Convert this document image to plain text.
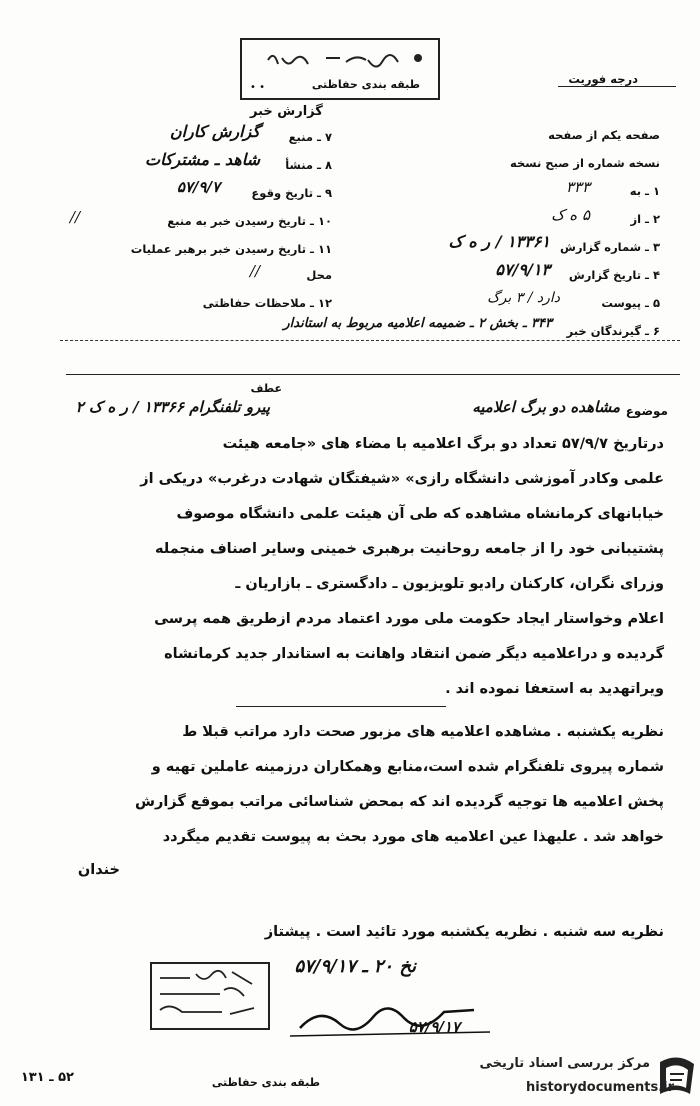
طبقه بندی حفاظتی
• •
درجه فوریت
گزارش خبر
صفحه یکم از صفحه
نسخه شماره از صبح نسخه
۱ ـ به
۳۳۳
۲ ـ از
۵ ه ک
۳ ـ شماره گزارش
۱۳۳۶۱ / ر ه ک
۴ ـ تاریخ گزارش
۵۷/۹/۱۳
۵ ـ پیوست
دارد / ۳ برگ
۶ ـ گیرندگان خبر
۳۴۳ ـ بخش ۲ ـ ضمیمه اعلامیه مربوط به استاندار
۷ ـ منبع
گزارش کاران
۸ ـ منشأ
شاهد ـ مشترکات
۹ ـ تاریخ وقوع
۵۷/۹/۷
۱۰ ـ تاریخ رسیدن خبر به منبع
//
۱۱ ـ تاریخ رسیدن خبر برهبر عملیات
محل
//
۱۲ ـ ملاحظات حفاظتی
موضوع
مشاهده دو برگ اعلامیه
عطف
پیرو تلفنگرام ۱۳۳۶۶ / ر ه ک ۲
درتاریخ ۵۷/۹/۷ تعداد دو برگ اعلامیه با مضاء های «جامعه هیئت
علمی وکادر آموزشی دانشگاه رازی» «شیفتگان شهادت درغرب» دریکی از
خیابانهای کرمانشاه مشاهده که طی آن هیئت علمی دانشگاه موصوف
پشتیبانی خود را از جامعه روحانیت برهبری خمینی وسایر اصناف منجمله
وزرای نگران، کارکنان رادیو تلویزیون ـ دادگستری ـ بازاریان ـ
اعلام وخواستار ایجاد حکومت ملی مورد اعتماد مردم ازطریق همه پرسی
گردیده و دراعلامیه دیگر ضمن انتقاد واهانت به استاندار جدید کرمانشاه
ویراتهدید به استعفا نموده اند .
نظریه یکشنبه . مشاهده اعلامیه های مزبور صحت دارد مراتب قبلا ط
شماره پیروی تلفنگرام شده است،منابع وهمکاران درزمینه عاملین تهیه و
پخش اعلامیه ها توجیه گردیده اند که بمحض شناسائی مراتب بموقع گزارش
خواهد شد . علیهذا عین اعلامیه های مورد بحث به پیوست تقدیم میگردد
خندان
نظریه سه شنبه . نظریه یکشنبه مورد تائید است . پیشتاز
نخ ۲۰ ـ ۵۷/۹/۱۷
۵۷/۹/۱۷
طبقه بندی حفاظتی
۵۲ ـ ۱۳۱
مرکز بررسی اسناد تاریخی
historydocuments.ir
